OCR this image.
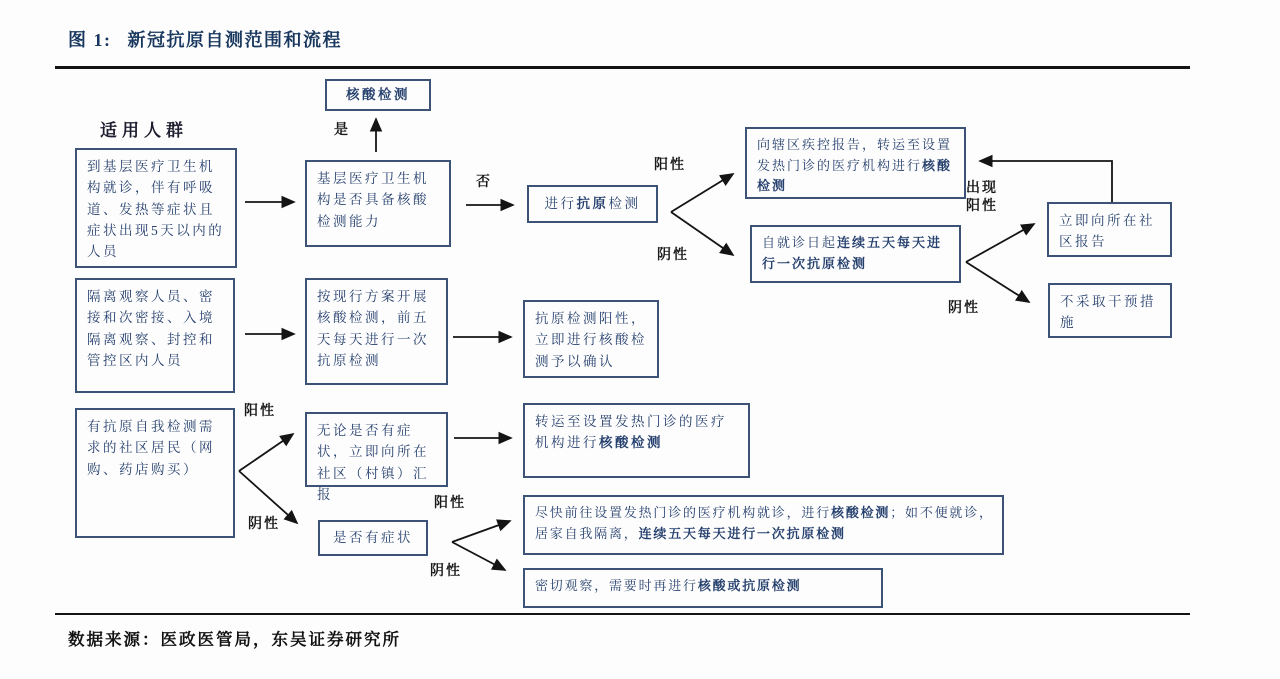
图 1: 新冠抗原自测范围和流程
适用人群
核酸检测
到基层医疗卫生机构就诊，伴有呼吸道、发热等症状且症状出现5天以内的人员
基层医疗卫生机构是否具备核酸检测能力
进行抗原检测
向辖区疾控报告，转运至设置发热门诊的医疗机构进行核酸检测
自就诊日起连续五天每天进行一次抗原检测
立即向所在社区报告
不采取干预措施
隔离观察人员、密接和次密接、入境隔离观察、封控和管控区内人员
按现行方案开展核酸检测，前五天每天进行一次抗原检测
抗原检测阳性，立即进行核酸检测予以确认
有抗原自我检测需求的社区居民（网购、药店购买）
无论是否有症状，立即向所在社区（村镇）汇报
是否有症状
转运至设置发热门诊的医疗机构进行核酸检测
尽快前往设置发热门诊的医疗机构就诊，进行核酸检测；如不便就诊，居家自我隔离，连续五天每天进行一次抗原检测
密切观察，需要时再进行核酸或抗原检测
是
否
阳性
阴性
出现阳性
阴性
阳性
阴性
阳性
阴性
数据来源：医政医管局，东吴证券研究所
